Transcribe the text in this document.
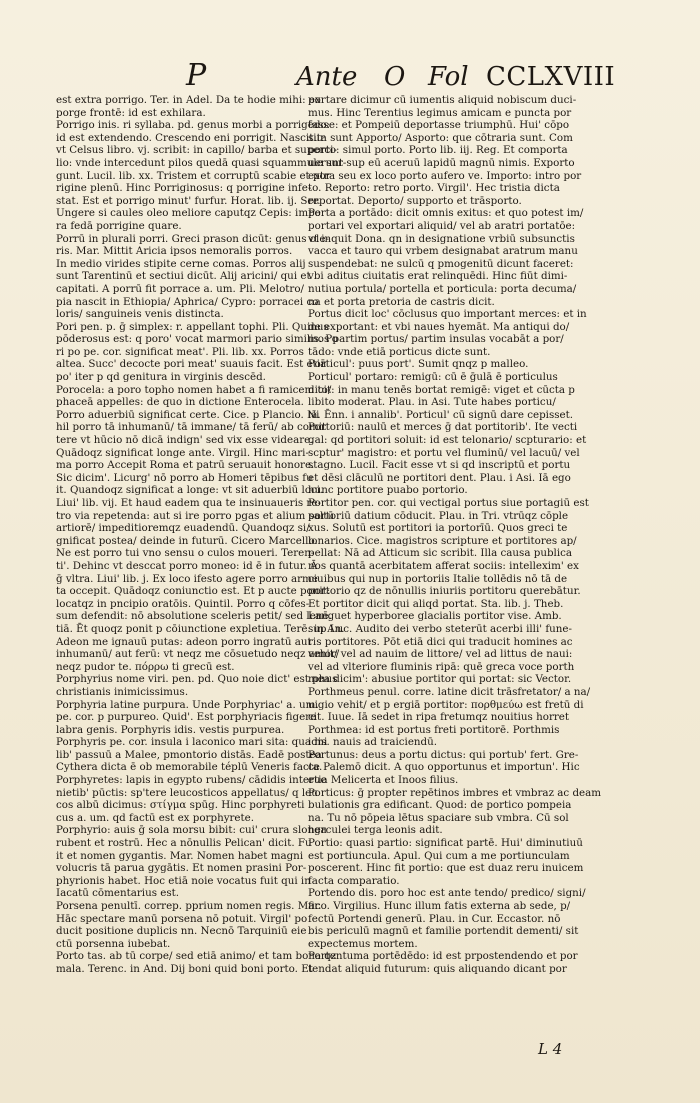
P	Ante O Fol CCLXVIII
est extra porrigo. Ter. in Adel. Da te hodie mihi: ex
porge frontē: id est exhilara.
Porrigo inis. ri syllaba. pd. genus morbi a porrigēdo:
id est extendendo. Crescendo eni porrigit. Nascitur
vt Celsus libro. vj. scribit: in capillo/ barba et superci-
lio: vnde intercedunt pilos quedā quasi squammule sur-
gunt. Lucil. lib. xx. Tristem et corruptū scabie et por
rigine plenū. Hinc Porriginosus: q porrigine infe-
stat. Est et porrigo minut' furfur. Horat. lib. ij. Ser.
Ungere si caules oleo meliore caputqz Cepis: impe
ra fedā porrigine quare.
Porrū in plurali porri. Greci prason dicūt: genus ole-
ris. Mar. Mittit Aricia ipsos nemoralis porros.
In medio virides stipite cerne comas. Porros alij
sunt Tarentinū et sectiui dicūt. Alij aricini/ qui et
capitati. A porrū fit porrace a. um. Pli. Melotro/
pia nascit in Ethiopia/ Aphrica/ Cypro: porracei co
loris/ sanguineis venis distincta.
Pori pen. p. ḡ simplex: r. appellant tophi. Pli. Quinus
pōderosus est: q poro' vocat marmori pario similis. Po
ri po pe. cor. significat meat'. Pli. lib. xx. Porros
altea. Succ' decocte pori meat' suauis facit. Est etiā
po' iter p qd genitura in virginis descēd.
Porocela: a poro topho nomen habet a fi ramicem to/
phaceā appelles: de quo in dictione Enterocela.
Porro aduerbiū significat certe. Cice. p Plancio. Ni
hil porro tā inhumanū/ tā immane/ tā ferū/ ab comit
tere vt hūcio nō dicā indign' sed vix esse videare.
Quādoqz significat longe ante. Virgil. Hinc mari-
ma porro Accepit Roma et patrū seruauit honore.
Sic dicim'. Licurg' nō porro ab Homeri tēpibus fu
it. Quandoqz significat a longe: vt sit aduerbiū loci.
Liui' lib. vij. Et haud eadem qua te insinuaueris re-
tro via repetenda: aut si ire porro pgas et alium saltū
artiorē/ impeditioremqz euadendū. Quandoqz si/
gnificat postea/ deinde in futurū. Cicero Marcello.
Ne est porro tui vno sensu o culos moueri. Teren-
ti'. Dehinc vt desccat porro moneo: id ē in futur. Ā
ḡ vltra. Liui' lib. j. Ex loco ifesto agere porro arme
ta occepit. Quādoqz coniunctio est. Et p aucte ponit:
locatqz in pncipio oratōis. Quintil. Porro q cōfes-
sum defendit: nō absolutione sceleris petit/ sed lenē.
tiā. Ēt quoqz ponit p cōiunctione expletiua. Terē. in An.
Adeon me ignauū putas: adeon porro ingratū aut
inhumanū/ aut ferū: vt neqz me cōsuetudo neqz amor/
neqz pudor te. πόρρω ti grecū est.
Porphyrius nome viri. pen. pd. Quo noie dict' est phus
christianis inimicissimus.
Porphyria latine purpura. Unde Porphyriac' a. um.
pe. cor. p purpureo. Quid'. Est porphyriacis figere
labra genis. Porphyris idis. vestis purpurea.
Porphyris pe. cor. insula i laconico mari sita: qua mi
lib' passuū a Malee, pmontorio distās. Eadē postea
Cythera dicta ē ob memorabile téplū Veneris facta.
Porphyretes: lapis in egypto rubens/ cādidis interue
nietib' pūctis: sp'tere leucosticos appellatus/ q leu
cos albū dicimus: στίγμα spūg. Hinc porphyreti
cus a. um. qd factū est ex porphyrete.
Porphyrio: auis ḡ sola morsu bibit: cui' crura slonga
rubent et rostrū. Hec a nōnullis Pelican' dicit. Fu
it et nomen gygantis. Mar. Nomen habet magni
volucris tā parua gygātis. Et nomen prasini Por-
phyrionis habet. Hoc etiā noie vocatus fuit qui in
Iacatū cōmentarius est.
Porsena penultī. correp. pprium nomen regis. Mar.
Hāc spectare manū porsena nō potuit. Virgil' po
ducit positione duplicis nn. Necnō Tarquiniū eie
ctū porsenna iubebat.
Porto tas. ab tū corpe/ sed etiā animo/ et tam bona qz
mala. Terenc. in And. Dij boni quid boni porto. Et
portare dicimur cū iumentis aliquid nobiscum duci-
mus. Hinc Terentius legimus amicam e puncta por
tasse: et Pompeiū deportasse triumphū. Hui' cōpo
sita sunt Apporto/ Asporto: que cōtraria sunt. Com
porto: simul porto. Porto lib. iij. Reg. Et comporta
uerunt sup eū aceruū lapidū magnū nimis. Exporto
extra seu ex loco porto aufero ve. Importo: intro por
to. Reporto: retro porto. Virgil'. Hec tristia dicta
reportat. Deporto/ supporto et trāsporto.
Porta a portādo: dicit omnis exitus: et quo potest im/
portari vel exportari aliquid/ vel ab aratri portatōe:
vt inquit Dona. qn in designatione vrbiū subsunctis
vacca et tauro qui vrbem designabat aratrum manu
suspendebat: ne sulcū q pmogenitū dicunt faceret:
vbi aditus ciuitatis erat relinquēdi. Hinc fiūt dimi-
nutiua portula/ portella et porticula: porta decuma/
na et porta pretoria de castris dicit.
Portus dicit loc' cōclusus quo important merces: et in
de exportant: et vbi naues hyemāt. Ma antiqui do/
mos partim portus/ partim insulas vocabāt a por/
tādo: vnde etiā porticus dicte sunt.
Porticul': puus port'. Sumit qnqz p malleo.
Porticul' portaro: remigū: cū ē ḡulā ē porticulus
dicit: in manu tenēs bortat remigē: viget et cūcta p
libito moderat. Plau. in Asi. Tute habes porticu/
lā. Ēnn. i annalib'. Porticul' cū signū dare cepisset.
Portoriū: naulū et merces ḡ dat portitorib'. Ite vecti
gal: qd portitori soluit: id est telonario/ scpturario: et
scptur' magistro: et portu vel fluminū/ vel lacuū/ vel
stagno. Lucil. Facit esse vt si qd inscriptū et portu
et dēsi clāculū ne portitori dent. Plau. i Asi. Iā ego
hunc portitore puabo portorio.
Portitor pen. cor. qui vectigal portus siue portagiū est
portoriū datium cōducit. Plau. in Tri. vtrūqz cōple
xus. Solutū est portitori ia portorīū. Quos greci te
lonarios. Cice. magistros scripture et portitores ap/
pellat: Nā ad Atticum sic scribit. Illa causa publica
nos quantā acerbitatem afferat sociis: intellexim' ex
ciuibus qui nup in portoriis Italie tollēdis nō tā de
portorio qz de nōnullis iniuriis portitoru querebātur.
Et portitor dicit qui aliqd portat. Sta. lib. j. Theb.
Languet hyperboree glacialis portitor vise. Amb.
sup Luc. Audito dei verbo steterūt acerbi illi' fune-
ris portitores. Pōt etiā dici qui traducit homines ac
vehit/ vel ad nauim de littore/ vel ad littus de naui:
vel ad vlteriore fluminis ripā: quē greca voce porth
mea dicim': abusiue portitor qui portat: sic Vector.
Porthmeus penul. corre. latine dicit trāsfretator/ a na/
uigio vehit/ et p ergiā portitor: πορθμεύω est fretū di
cit. Iuue. Iā sedet in ripa fretumqz nouitius horret
Porthmea: id est portus freti portitorē. Porthmis
idis. nauis ad traiciendū.
Portunus: deus a portu dictus: qui portub' fert. Gre-
ce Palemō dicit. A quo opportunus et importun'. Hic
etia Melicerta et Inoos filius.
Porticus: ḡ propter repētinos imbres et vmbraz ac deam
bulationis gra edificant. Quod: de portico pompeia
na. Tu nō pōpeia lētus spaciare sub vmbra. Cū sol
herculei terga leonis adit.
Portio: quasi partio: significat partē. Hui' diminutiuū
est portiuncula. Apul. Qui cum a me portiunculam
poscerent. Hinc fit portio: que est duaz reru inuicem
facta comparatio.
Portendo dis. poro hoc est ante tendo/ predico/ signi/
fico. Virgilius. Hunc illum fatis externa ab sede, p/
fectū Portendi generū. Plau. in Cur. Eccastor. nō
bis periculū magnū et familie portendit dementi/ sit
expectemus mortem.
Portentuma portēdēdo: id est prpostendendo et por
tendat aliquid futurum: quis aliquando dicant por
L 4
